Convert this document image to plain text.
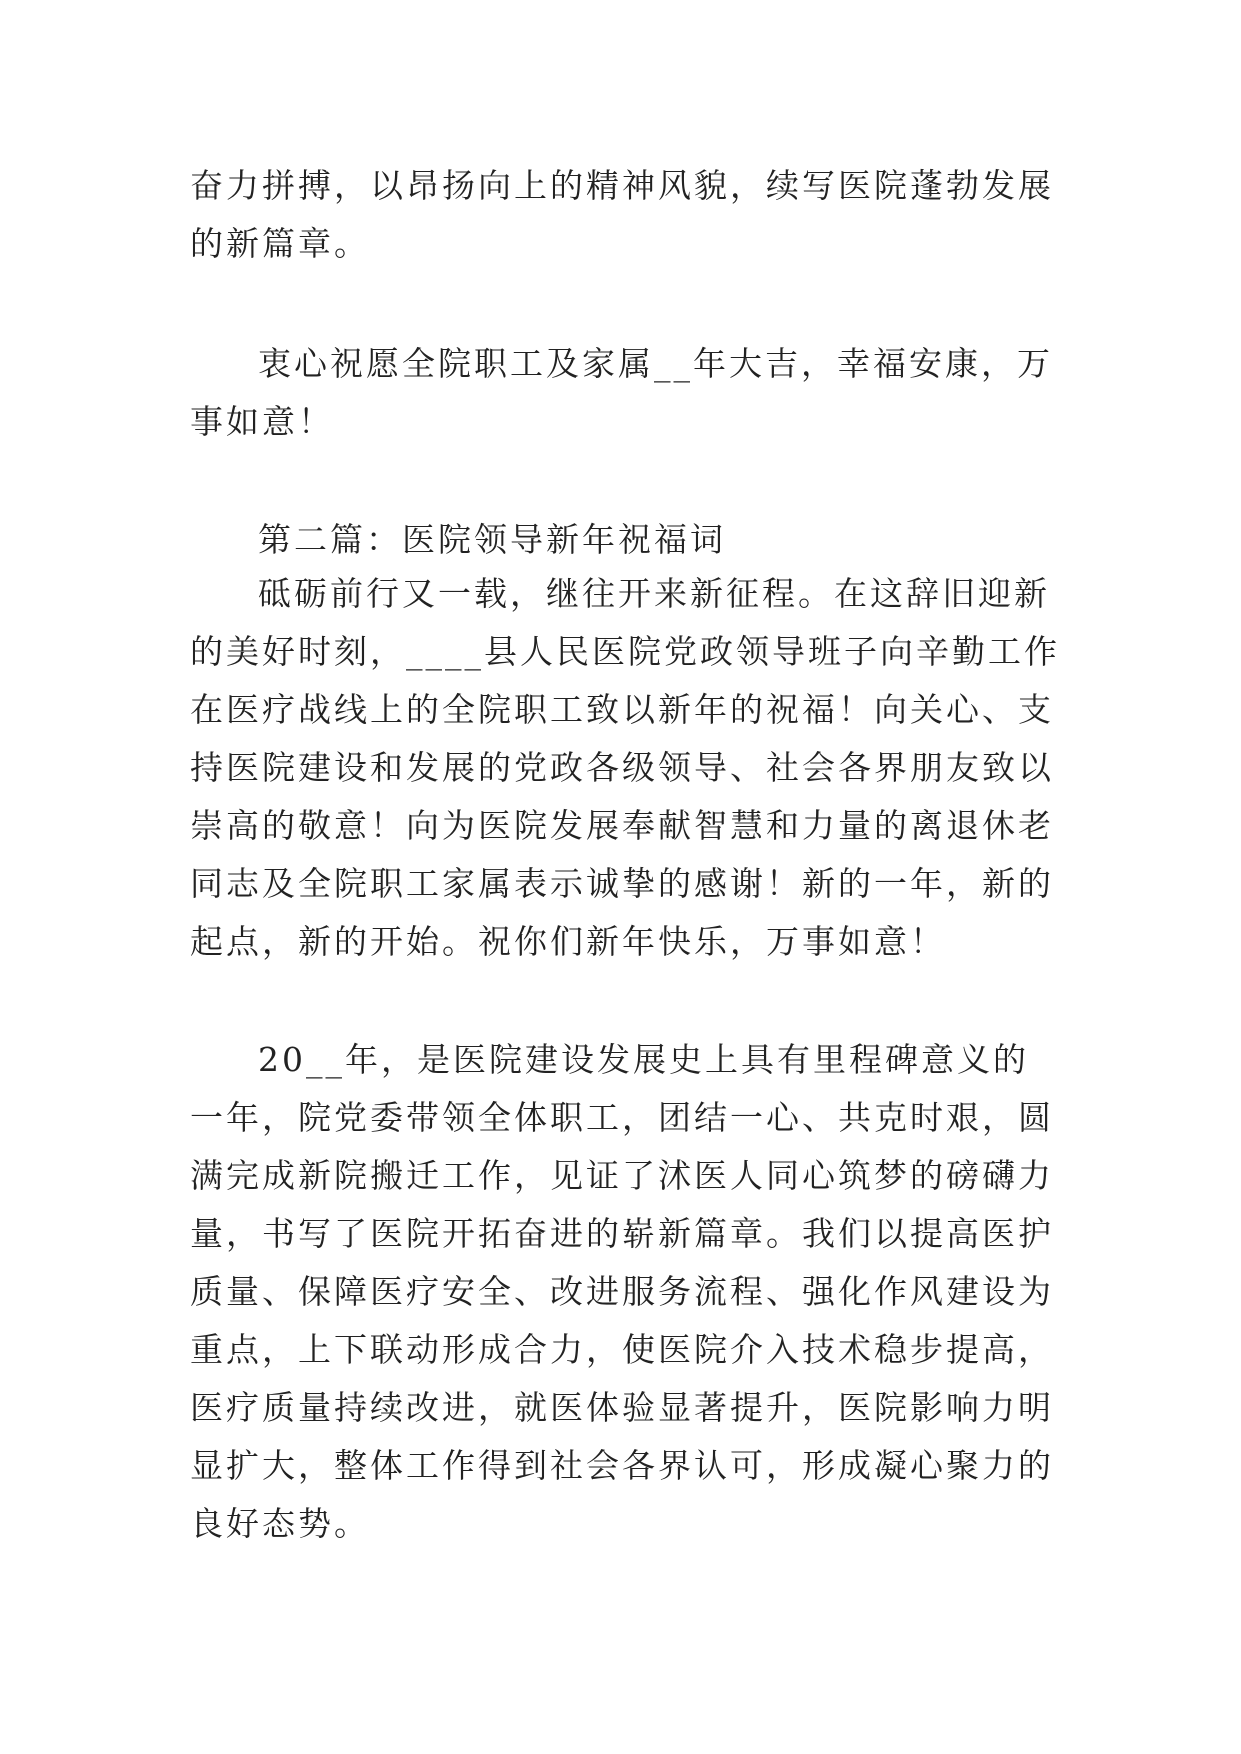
奋力拼搏，以昂扬向上的精神风貌，续写医院蓬勃发展的新篇章。

衷心祝愿全院职工及家属__年大吉，幸福安康，万事如意！

第二篇：医院领导新年祝福词

砥砺前行又一载，继往开来新征程。在这辞旧迎新的美好时刻，____县人民医院党政领导班子向辛勤工作在医疗战线上的全院职工致以新年的祝福！向关心、支持医院建设和发展的党政各级领导、社会各界朋友致以崇高的敬意！向为医院发展奉献智慧和力量的离退休老同志及全院职工家属表示诚挚的感谢！新的一年，新的起点，新的开始。祝你们新年快乐，万事如意！

20__年，是医院建设发展史上具有里程碑意义的一年，院党委带领全体职工，团结一心、共克时艰，圆满完成新院搬迁工作，见证了沭医人同心筑梦的磅礴力量，书写了医院开拓奋进的崭新篇章。我们以提高医护质量、保障医疗安全、改进服务流程、强化作风建设为重点，上下联动形成合力，使医院介入技术稳步提高，医疗质量持续改进，就医体验显著提升，医院影响力明显扩大，整体工作得到社会各界认可，形成凝心聚力的良好态势。
